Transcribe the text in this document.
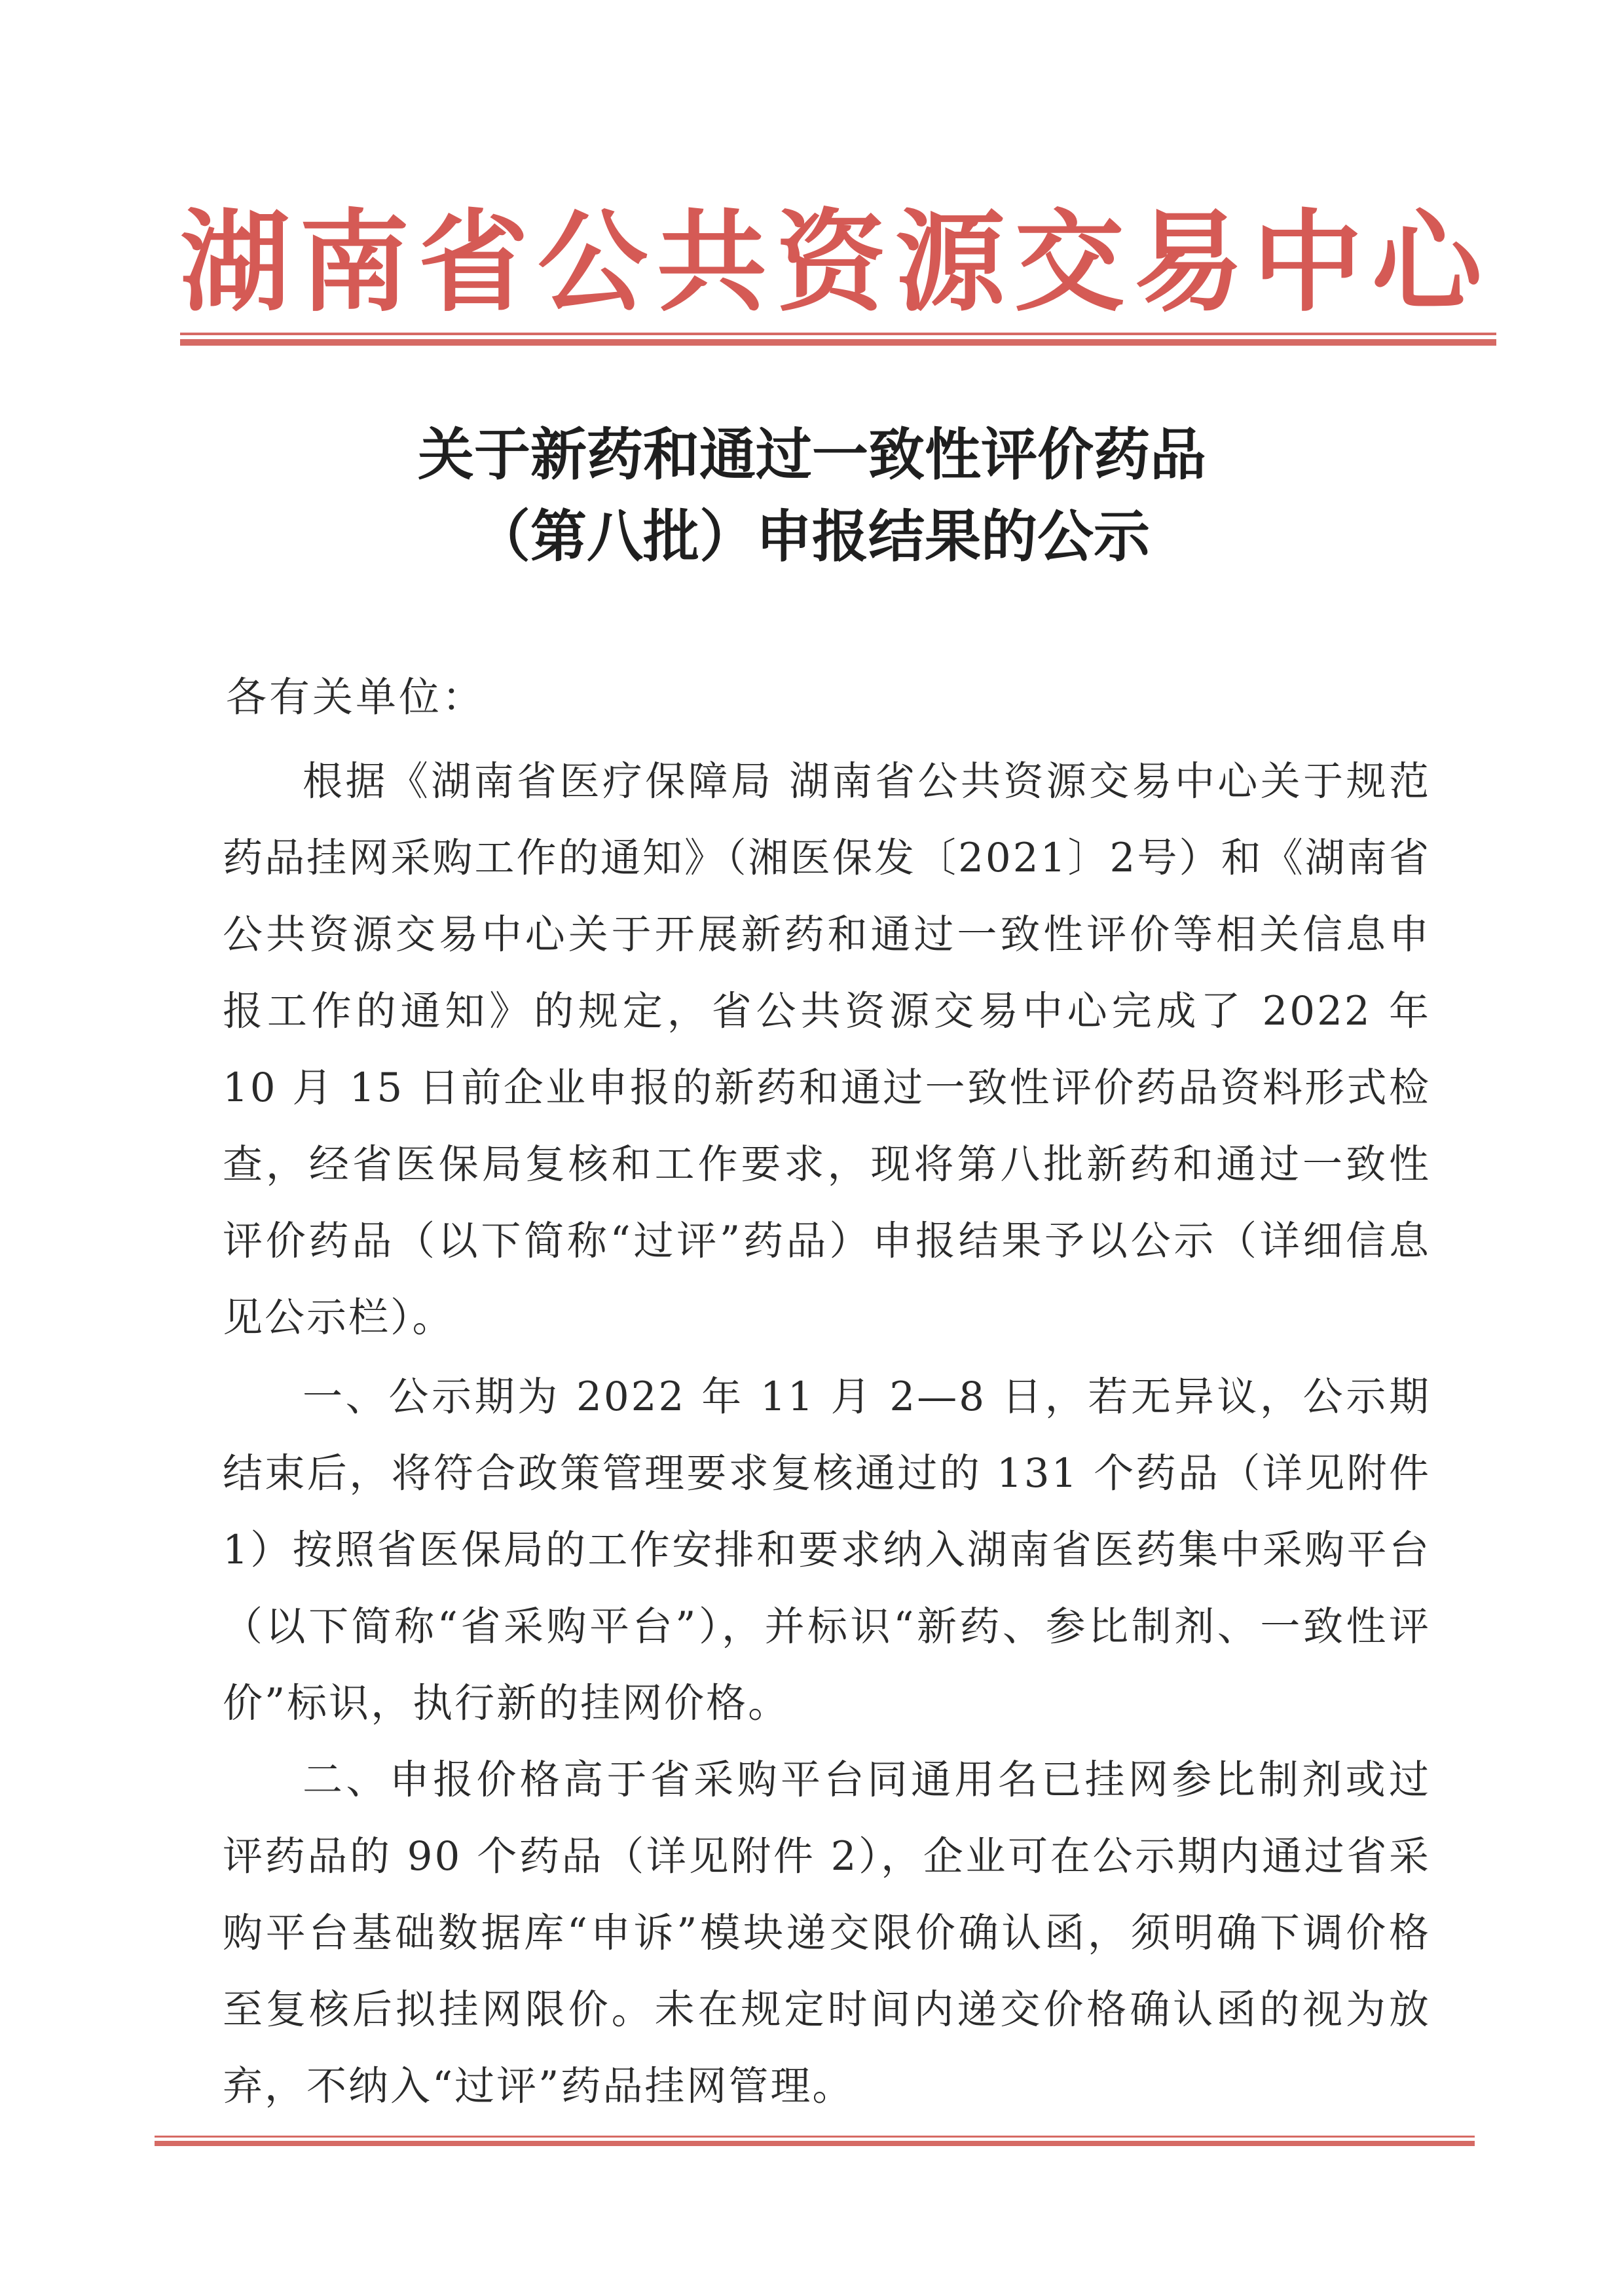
湖南省公共资源交易中心
关于新药和通过一致性评价药品
（第八批）申报结果的公示
各有关单位：

根据《湖南省医疗保障局 湖南省公共资源交易中心关于规范药品挂网采购工作的通知》（湘医保发〔2021〕2号）和《湖南省公共资源交易中心关于开展新药和通过一致性评价等相关信息申报工作的通知》的规定，省公共资源交易中心完成了 2022 年 10 月 15 日前企业申报的新药和通过一致性评价药品资料形式检查，经省医保局复核和工作要求，现将第八批新药和通过一致性评价药品（以下简称“过评”药品）申报结果予以公示（详细信息见公示栏）。

一、公示期为 2022 年 11 月 2—8 日，若无异议，公示期结束后，将符合政策管理要求复核通过的 131 个药品（详见附件 1）按照省医保局的工作安排和要求纳入湖南省医药集中采购平台（以下简称“省采购平台”），并标识“新药、参比制剂、一致性评价”标识，执行新的挂网价格。

二、申报价格高于省采购平台同通用名已挂网参比制剂或过评药品的 90 个药品（详见附件 2），企业可在公示期内通过省采购平台基础数据库“申诉”模块递交限价确认函，须明确下调价格至复核后拟挂网限价。未在规定时间内递交价格确认函的视为放弃，不纳入“过评”药品挂网管理。
